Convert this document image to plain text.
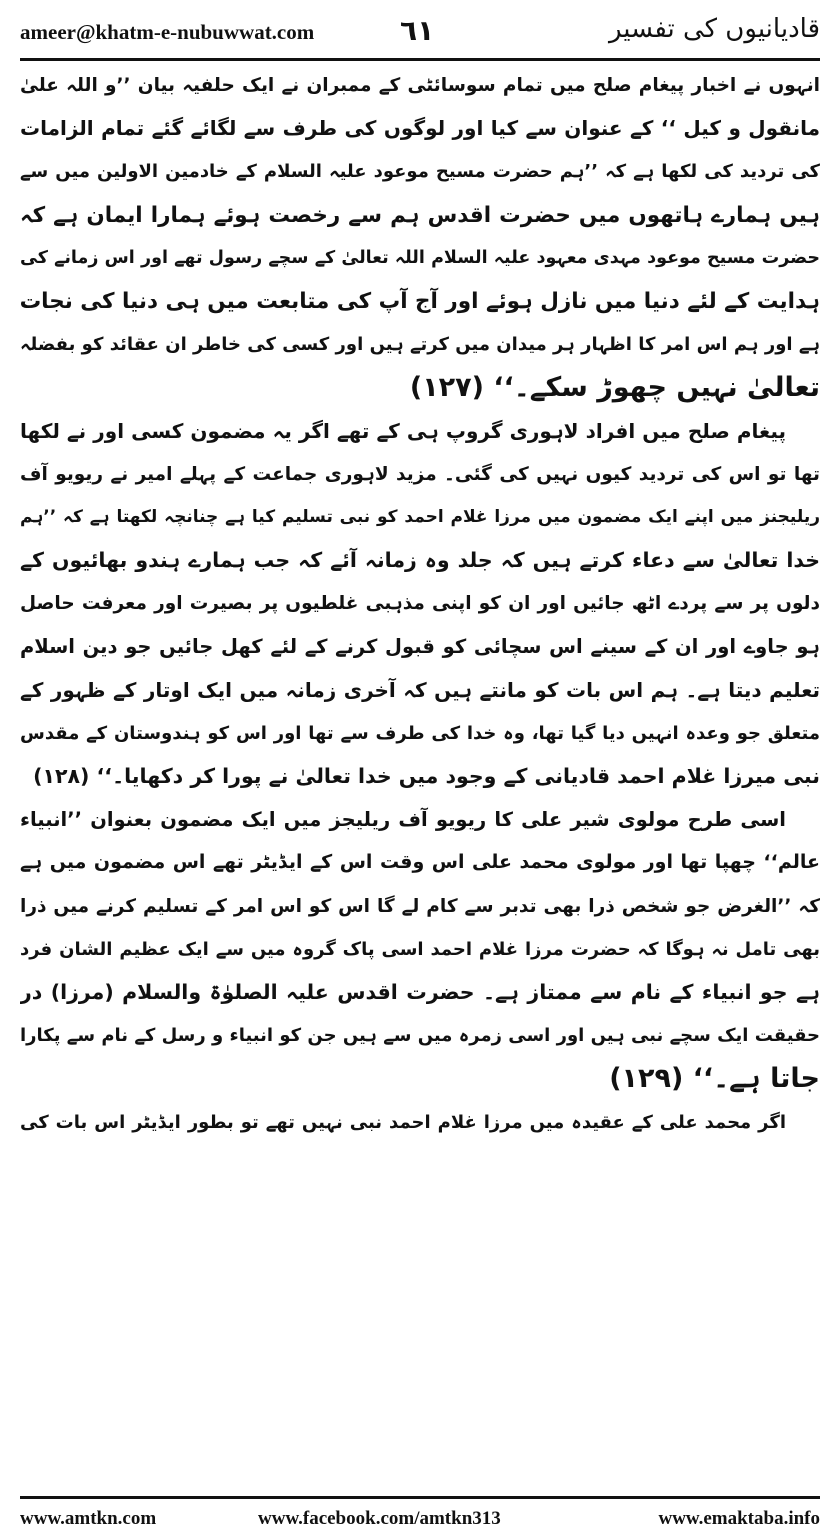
ameer@khatm-e-nubuwwat.com	٦١	قادیانیوں کی تفسیر
انہوں نے اخبار پیغام صلح میں تمام سوسائٹی کے ممبران نے ایک حلفیہ بیان ’’و اللہ علیٰ
مانقول و کیل ‘‘ کے عنوان سے کیا اور لوگوں کی طرف سے لگائے گئے تمام الزامات
کی تردید کی لکھا ہے کہ ’’ہم حضرت مسیح موعود علیہ السلام کے خادمین الاولین میں سے
ہیں ہمارے ہاتھوں میں حضرت اقدس ہم سے رخصت ہوئے ہمارا ایمان ہے کہ
حضرت مسیح موعود مہدی معہود علیہ السلام اللہ تعالیٰ کے سچے رسول تھے اور اس زمانے کی
ہدایت کے لئے دنیا میں نازل ہوئے اور آج آپ کی متابعت میں ہی دنیا کی نجات
ہے اور ہم اس امر کا اظہار ہر میدان میں کرتے ہیں اور کسی کی خاطر ان عقائد کو بفضلہ
تعالیٰ نہیں چھوڑ سکے۔‘‘ (۱۲۷)
پیغام صلح میں افراد لاہوری گروپ ہی کے تھے اگر یہ مضمون کسی اور نے لکھا
تھا تو اس کی تردید کیوں نہیں کی گئی۔ مزید لاہوری جماعت کے پہلے امیر نے ریویو آف
ریلیجنز میں اپنے ایک مضمون میں مرزا غلام احمد کو نبی تسلیم کیا ہے چنانچہ لکھتا ہے کہ ’’ہم
خدا تعالیٰ سے دعاء کرتے ہیں کہ جلد وہ زمانہ آئے کہ جب ہمارے ہندو بھائیوں کے
دلوں پر سے پردے اٹھ جائیں اور ان کو اپنی مذہبی غلطیوں پر بصیرت اور معرفت حاصل
ہو جاوے اور ان کے سینے اس سچائی کو قبول کرنے کے لئے کھل جائیں جو دین اسلام
تعلیم دیتا ہے۔ ہم اس بات کو مانتے ہیں کہ آخری زمانہ میں ایک اوتار کے ظہور کے
متعلق جو وعدہ انہیں دیا گیا تھا، وہ خدا کی طرف سے تھا اور اس کو ہندوستان کے مقدس
نبی میرزا غلام احمد قادیانی کے وجود میں خدا تعالیٰ نے پورا کر دکھایا۔‘‘ (۱۲۸)
اسی طرح مولوی شیر علی کا ریویو آف ریلیجز میں ایک مضمون بعنوان ’’انبیاء
عالم‘‘ چھپا تھا اور مولوی محمد علی اس وقت اس کے ایڈیٹر تھے اس مضمون میں ہے
کہ ’’الغرض جو شخص ذرا بھی تدبر سے کام لے گا اس کو اس امر کے تسلیم کرنے میں ذرا
بھی تامل نہ ہوگا کہ حضرت مرزا غلام احمد اسی پاک گروہ میں سے ایک عظیم الشان فرد
ہے جو انبیاء کے نام سے ممتاز ہے۔ حضرت اقدس علیہ الصلوٰۃ والسلام (مرزا) در
حقیقت ایک سچے نبی ہیں اور اسی زمرہ میں سے ہیں جن کو انبیاء و رسل کے نام سے پکارا
جاتا ہے۔‘‘ (۱۲۹)
اگر محمد علی کے عقیدہ میں مرزا غلام احمد نبی نہیں تھے تو بطور ایڈیٹر اس بات کی
www.amtkn.com	www.facebook.com/amtkn313	www.emaktaba.info
